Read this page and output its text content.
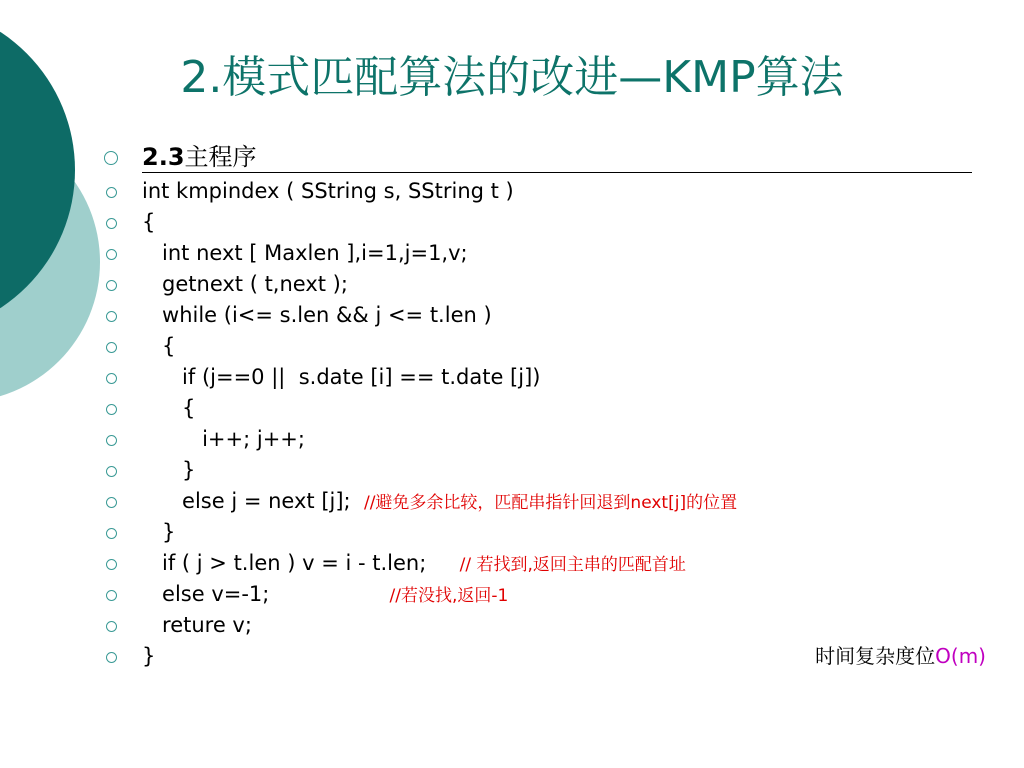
2.模式匹配算法的改进—KMP算法

2.3主程序

int kmpindex ( SString s, SString t )
{
int next [ Maxlen ],i=1,j=1,v;
getnext ( t,next );
while (i<= s.len && j <= t.len )
{
if (j==0 ||  s.date [i] == t.date [j])
{
i++; j++;
}
else j = next [j];  //避免多余比较，匹配串指针回退到next[j]的位置
}
if ( j > t.len ) v = i - t.len;     // 若找到,返回主串的匹配首址
else v=-1;                  //若没找,返回-1
reture v;
}	时间复杂度位O(m)
